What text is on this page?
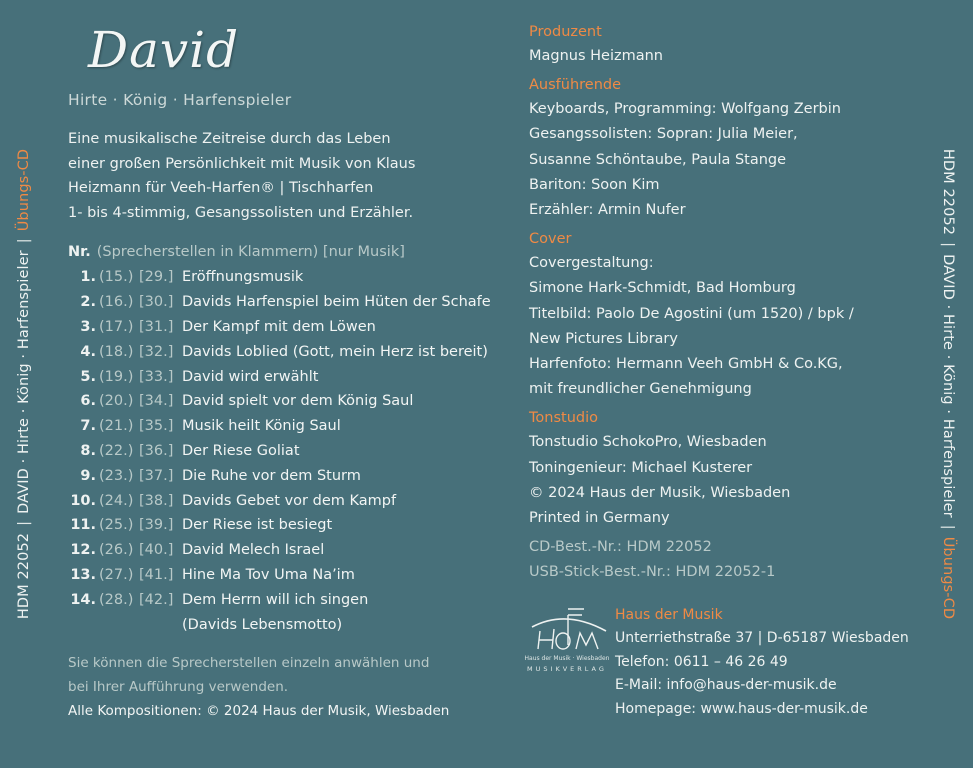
HDM 22052|DAVID · Hirte · König · Harfenspieler|Übungs-CD	HDM 22052|DAVID · Hirte · König · Harfenspieler|Übungs-CD
David
Hirte · König · Harfenspieler
Eine musikalische Zeitreise durch das Leben
einer großen Persönlichkeit mit Musik von Klaus
Heizmann für Veeh-Harfen® | Tischharfen
1- bis 4-stimmig, Gesangssolisten und Erzähler.
Nr. (Sprecherstellen in Klammern) [nur Musik]
1. (15.) [29.] Eröffnungsmusik
2. (16.) [30.] Davids Harfenspiel beim Hüten der Schafe
3. (17.) [31.] Der Kampf mit dem Löwen
4. (18.) [32.] Davids Loblied (Gott, mein Herz ist bereit)
5. (19.) [33.] David wird erwählt
6. (20.) [34.] David spielt vor dem König Saul
7. (21.) [35.] Musik heilt König Saul
8. (22.) [36.] Der Riese Goliat
9. (23.) [37.] Die Ruhe vor dem Sturm
10. (24.) [38.] Davids Gebet vor dem Kampf
11. (25.) [39.] Der Riese ist besiegt
12. (26.) [40.] David Melech Israel
13. (27.) [41.] Hine Ma Tov Uma Na’im
14. (28.) [42.] Dem Herrn will ich singen
(Davids Lebensmotto)
Sie können die Sprecherstellen einzeln anwählen und
bei Ihrer Aufführung verwenden.
Alle Kompositionen: © 2024 Haus der Musik, Wiesbaden
Produzent
Magnus Heizmann
Ausführende
Keyboards, Programming: Wolfgang Zerbin
Gesangssolisten: Sopran: Julia Meier,
Susanne Schöntaube, Paula Stange
Bariton: Soon Kim
Erzähler: Armin Nufer
Cover
Covergestaltung:
Simone Hark-Schmidt, Bad Homburg
Titelbild: Paolo De Agostini (um 1520) / bpk /
New Pictures Library
Harfenfoto: Hermann Veeh GmbH & Co.KG,
mit freundlicher Genehmigung
Tonstudio
Tonstudio SchokoPro, Wiesbaden
Toningenieur: Michael Kusterer
© 2024 Haus der Musik, Wiesbaden
Printed in Germany
CD-Best.-Nr.: HDM 22052
USB-Stick-Best.-Nr.: HDM 22052-1
Haus der Musik · Wiesbaden
MUSIKVERLAG
Haus der Musik
Unterriethstraße 37 | D-65187 Wiesbaden
Telefon: 0611 – 46 26 49
E-Mail: info@haus-der-musik.de
Homepage: www.haus-der-musik.de
